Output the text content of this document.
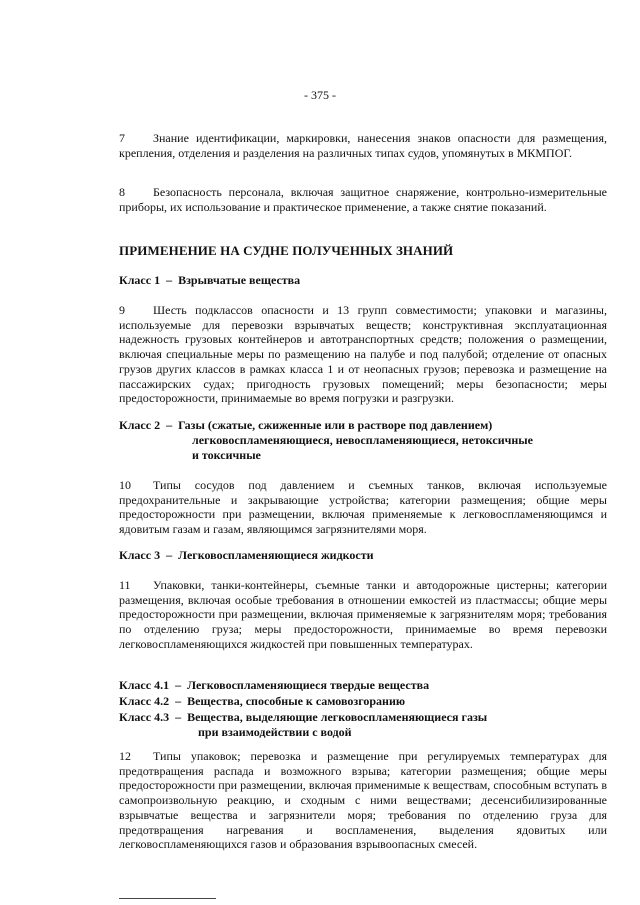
- 375 -
7 Знание идентификации, маркировки, нанесения знаков опасности для размещения, крепления, отделения и разделения на различных типах судов, упомянутых в МКМПОГ.
8 Безопасность персонала, включая защитное снаряжение, контрольно-измерительные приборы, их использование и практическое применение, а также снятие показаний.
ПРИМЕНЕНИЕ НА СУДНЕ ПОЛУЧЕННЫХ ЗНАНИЙ
Класс 1 – Взрывчатые вещества
9 Шесть подклассов опасности и 13 групп совместимости; упаковки и магазины, используемые для перевозки взрывчатых веществ; конструктивная эксплуатационная надежность грузовых контейнеров и автотранспортных средств; положения о размещении, включая специальные меры по размещению на палубе и под палубой; отделение от опасных грузов других классов в рамках класса 1 и от неопасных грузов; перевозка и размещение на пассажирских судах; пригодность грузовых помещений; меры безопасности; меры предосторожности, принимаемые во время погрузки и разгрузки.
Класс 2 – Газы (сжатые, сжиженные или в растворе под давлением)
легковоспламеняющиеся, невоспламеняющиеся, нетоксичные
и токсичные
10 Типы сосудов под давлением и съемных танков, включая используемые предохранительные и закрывающие устройства; категории размещения; общие меры предосторожности при размещении, включая применяемые к легковоспламеняющимся и ядовитым газам и газам, являющимся загрязнителями моря.
Класс 3 – Легковоспламеняющиеся жидкости
11 Упаковки, танки-контейнеры, съемные танки и автодорожные цистерны; категории размещения, включая особые требования в отношении емкостей из пластмассы; общие меры предосторожности при размещении, включая применяемые к загрязнителям моря; требования по отделению груза; меры предосторожности, принимаемые во время перевозки легковоспламеняющихся жидкостей при повышенных температурах.
Класс 4.1 – Легковоспламеняющиеся твердые вещества
Класс 4.2 – Вещества, способные к самовозгоранию
Класс 4.3 – Вещества, выделяющие легковоспламеняющиеся газы
при взаимодействии с водой
12 Типы упаковок; перевозка и размещение при регулируемых температурах для предотвращения распада и возможного взрыва; категории размещения; общие меры предосторожности при размещении, включая применимые к веществам, способным вступать в самопроизвольную реакцию, и сходным с ними веществами; десенсибилизированные взрывчатые вещества и загрязнители моря; требования по отделению груза для предотвращения нагревания и воспламенения, выделения ядовитых или легковоспламеняющихся газов и образования взрывоопасных смесей.
